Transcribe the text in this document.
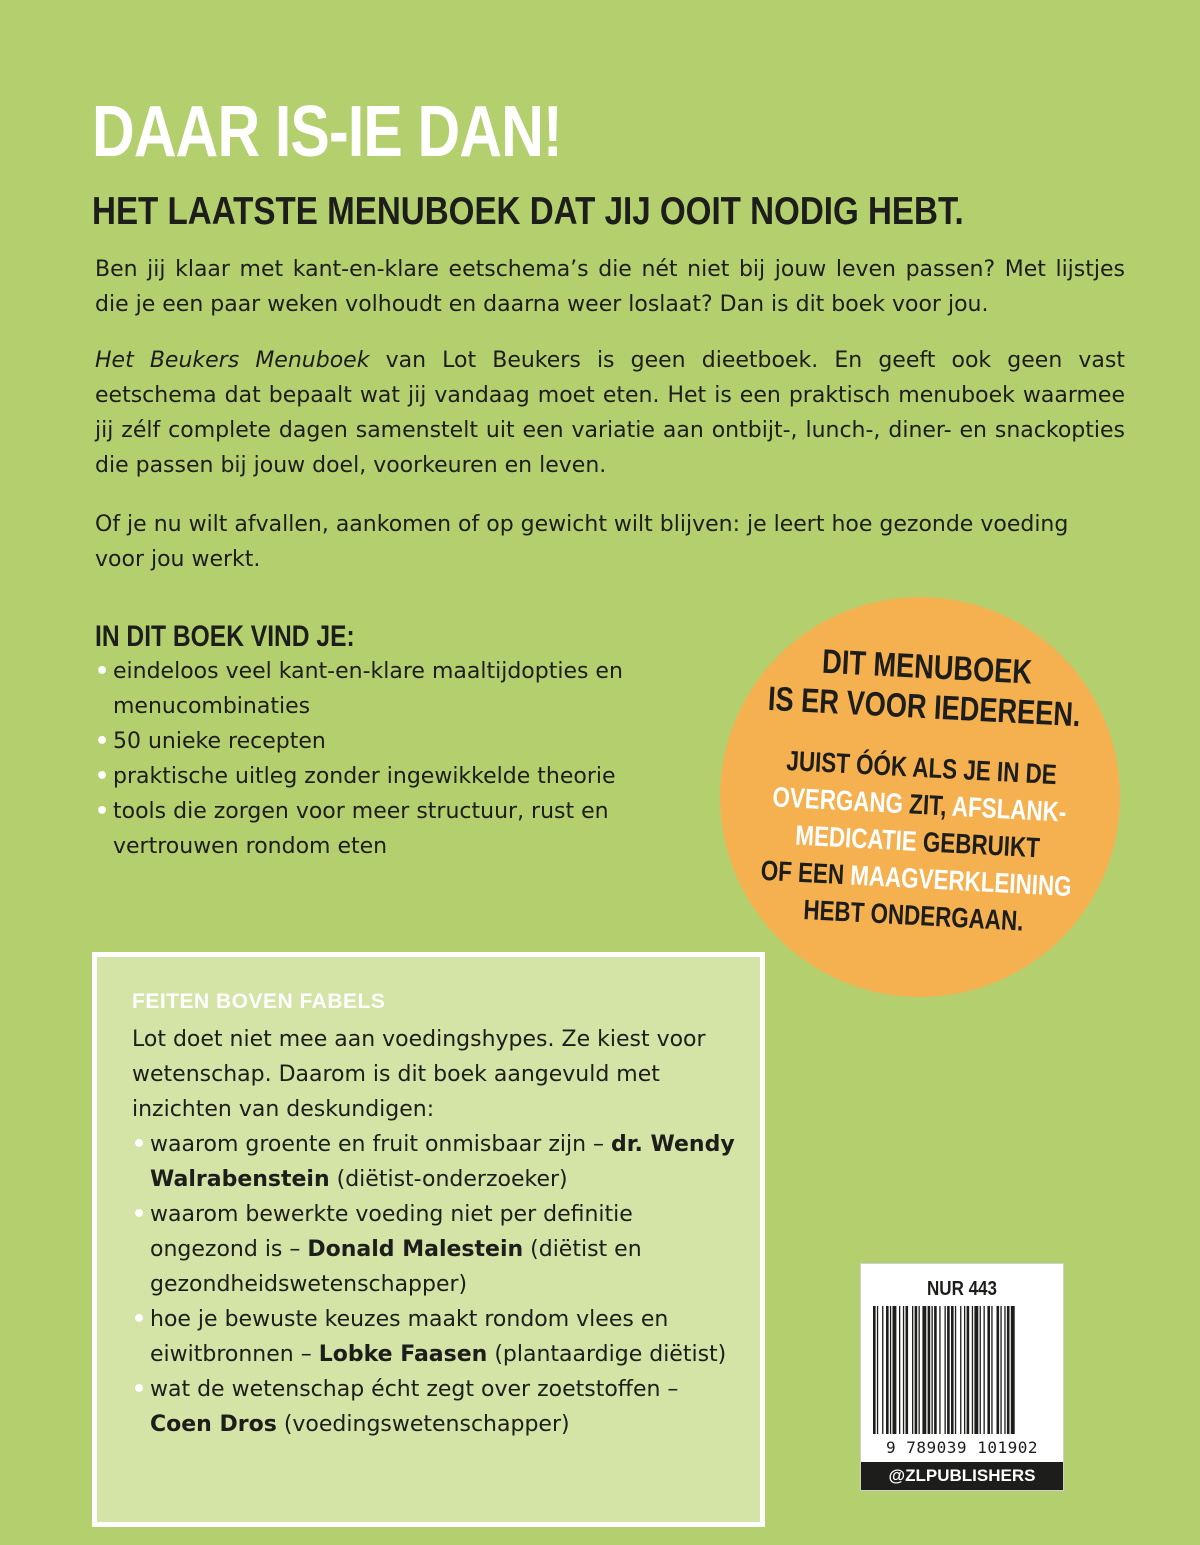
DAAR IS-IE DAN!
HET LAATSTE MENUBOEK DAT JIJ OOIT NODIG HEBT.

Ben jij klaar met kant-en-klare eetschema’s die nét niet bij jouw leven passen? Met lijstjes die je een paar weken volhoudt en daarna weer loslaat? Dan is dit boek voor jou.

Het Beukers Menuboek van Lot Beukers is geen dieetboek. En geeft ook geen vast eetschema dat bepaalt wat jij vandaag moet eten. Het is een praktisch menuboek waarmee jij zélf complete dagen samenstelt uit een variatie aan ontbijt-, lunch-, diner- en snackopties die passen bij jouw doel, voorkeuren en leven.

Of je nu wilt afvallen, aankomen of op gewicht wilt blijven: je leert hoe gezonde voeding
voor jou werkt.

IN DIT BOEK VIND JE:
• eindeloos veel kant-en-klare maaltijdopties en menucombinaties
• 50 unieke recepten
• praktische uitleg zonder ingewikkelde theorie
• tools die zorgen voor meer structuur, rust en vertrouwen rondom eten
DIT MENUBOEK
IS ER VOOR IEDEREEN.
JUIST ÓÓK ALS JE IN DE
OVERGANG ZIT, AFSLANK-
MEDICATIE GEBRUIKT
OF EEN MAAGVERKLEINING
HEBT ONDERGAAN.
FEITEN BOVEN FABELS

Lot doet niet mee aan voedingshypes. Ze kiest voor wetenschap. Daarom is dit boek aangevuld met inzichten van deskundigen:

• waarom groente en fruit onmisbaar zijn – dr. Wendy Walrabenstein (diëtist-onderzoeker)
• waarom bewerkte voeding niet per definitie ongezond is – Donald Malestein (diëtist en gezondheidswetenschapper)
• hoe je bewuste keuzes maakt rondom vlees en eiwitbronnen – Lobke Faasen (plantaardige diëtist)
• wat de wetenschap écht zegt over zoetstoffen – Coen Dros (voedingswetenschapper)
NUR 443
9 789039 101902
@ZLPUBLISHERS
